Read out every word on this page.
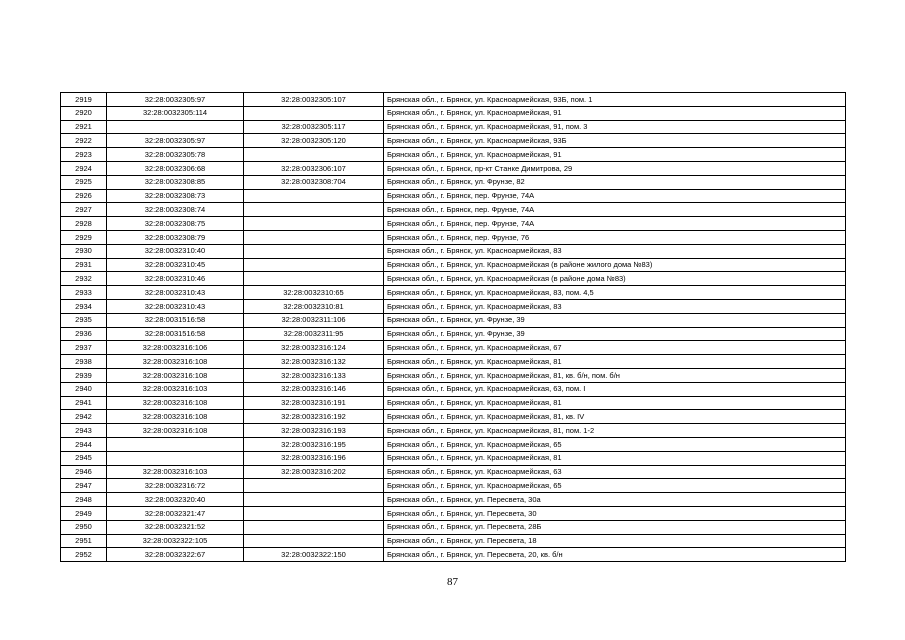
2919	32:28:0032305:97	32:28:0032305:107	Брянская обл., г. Брянск, ул. Красноармейская, 93Б, пом. 1
2920	32:28:0032305:114		Брянская обл., г. Брянск, ул. Красноармейская, 91
2921		32:28:0032305:117	Брянская обл., г. Брянск, ул. Красноармейская, 91, пом. 3
2922	32:28:0032305:97	32:28:0032305:120	Брянская обл., г. Брянск, ул. Красноармейская, 93Б
2923	32:28:0032305:78		Брянская обл., г. Брянск, ул. Красноармейская, 91
2924	32:28:0032306:68	32:28:0032306:107	Брянская обл., г. Брянск, пр-кт Станке Димитрова, 29
2925	32:28:0032308:85	32:28:0032308:704	Брянская обл., г. Брянск, ул. Фрунзе, 82
2926	32:28:0032308:73		Брянская обл., г. Брянск, пер. Фрунзе, 74А
2927	32:28:0032308:74		Брянская обл., г. Брянск, пер. Фрунзе, 74А
2928	32:28:0032308:75		Брянская обл., г. Брянск, пер. Фрунзе, 74А
2929	32:28:0032308:79		Брянская обл., г. Брянск, пер. Фрунзе, 76
2930	32:28:0032310:40		Брянская обл., г. Брянск, ул. Красноармейская, 83
2931	32:28:0032310:45		Брянская обл., г. Брянск, ул. Красноармейская (в районе жилого дома №83)
2932	32:28:0032310:46		Брянская обл., г. Брянск, ул. Красноармейская (в районе дома №83)
2933	32:28:0032310:43	32:28:0032310:65	Брянская обл., г. Брянск, ул. Красноармейская, 83, пом. 4,5
2934	32:28:0032310:43	32:28:0032310:81	Брянская обл., г. Брянск, ул. Красноармейская, 83
2935	32:28:0031516:58	32:28:0032311:106	Брянская обл., г. Брянск, ул. Фрунзе, 39
2936	32:28:0031516:58	32:28:0032311:95	Брянская обл., г. Брянск, ул. Фрунзе, 39
2937	32:28:0032316:106	32:28:0032316:124	Брянская обл., г. Брянск, ул. Красноармейская, 67
2938	32:28:0032316:108	32:28:0032316:132	Брянская обл., г. Брянск, ул. Красноармейская, 81
2939	32:28:0032316:108	32:28:0032316:133	Брянская обл., г. Брянск, ул. Красноармейская, 81, кв. б/н, пом. б/н
2940	32:28:0032316:103	32:28:0032316:146	Брянская обл., г. Брянск, ул. Красноармейская, 63, пом. I
2941	32:28:0032316:108	32:28:0032316:191	Брянская обл., г. Брянск, ул. Красноармейская, 81
2942	32:28:0032316:108	32:28:0032316:192	Брянская обл., г. Брянск, ул. Красноармейская, 81, кв. IV
2943	32:28:0032316:108	32:28:0032316:193	Брянская обл., г. Брянск, ул. Красноармейская, 81, пом. 1-2
2944		32:28:0032316:195	Брянская обл., г. Брянск, ул. Красноармейская, 65
2945		32:28:0032316:196	Брянская обл., г. Брянск, ул. Красноармейская, 81
2946	32:28:0032316:103	32:28:0032316:202	Брянская обл., г. Брянск, ул. Красноармейская, 63
2947	32:28:0032316:72		Брянская обл., г. Брянск, ул. Красноармейская, 65
2948	32:28:0032320:40		Брянская обл., г. Брянск, ул. Пересвета, 30а
2949	32:28:0032321:47		Брянская обл., г. Брянск, ул. Пересвета, 30
2950	32:28:0032321:52		Брянская обл., г. Брянск, ул. Пересвета, 28Б
2951	32:28:0032322:105		Брянская обл., г. Брянск, ул. Пересвета, 18
2952	32:28:0032322:67	32:28:0032322:150	Брянская обл., г. Брянск, ул. Пересвета, 20, кв. б/н
87
